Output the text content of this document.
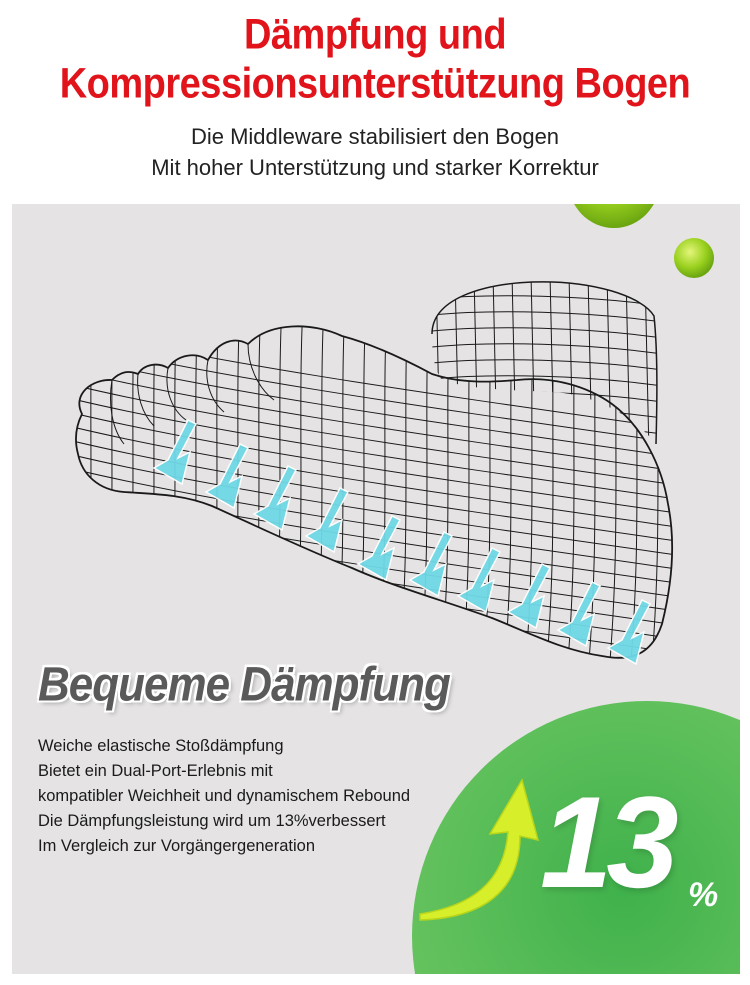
Dämpfung und
Kompressionsunterstützung Bogen
Die Middleware stabilisiert den Bogen
Mit hoher Unterstützung und starker Korrektur
13 %
Bequeme Dämpfung
Weiche elastische Stoßdämpfung
Bietet ein Dual-Port-Erlebnis mit
kompatibler Weichheit und dynamischem Rebound
Die Dämpfungsleistung wird um 13%verbessert
Im Vergleich zur Vorgängergeneration
